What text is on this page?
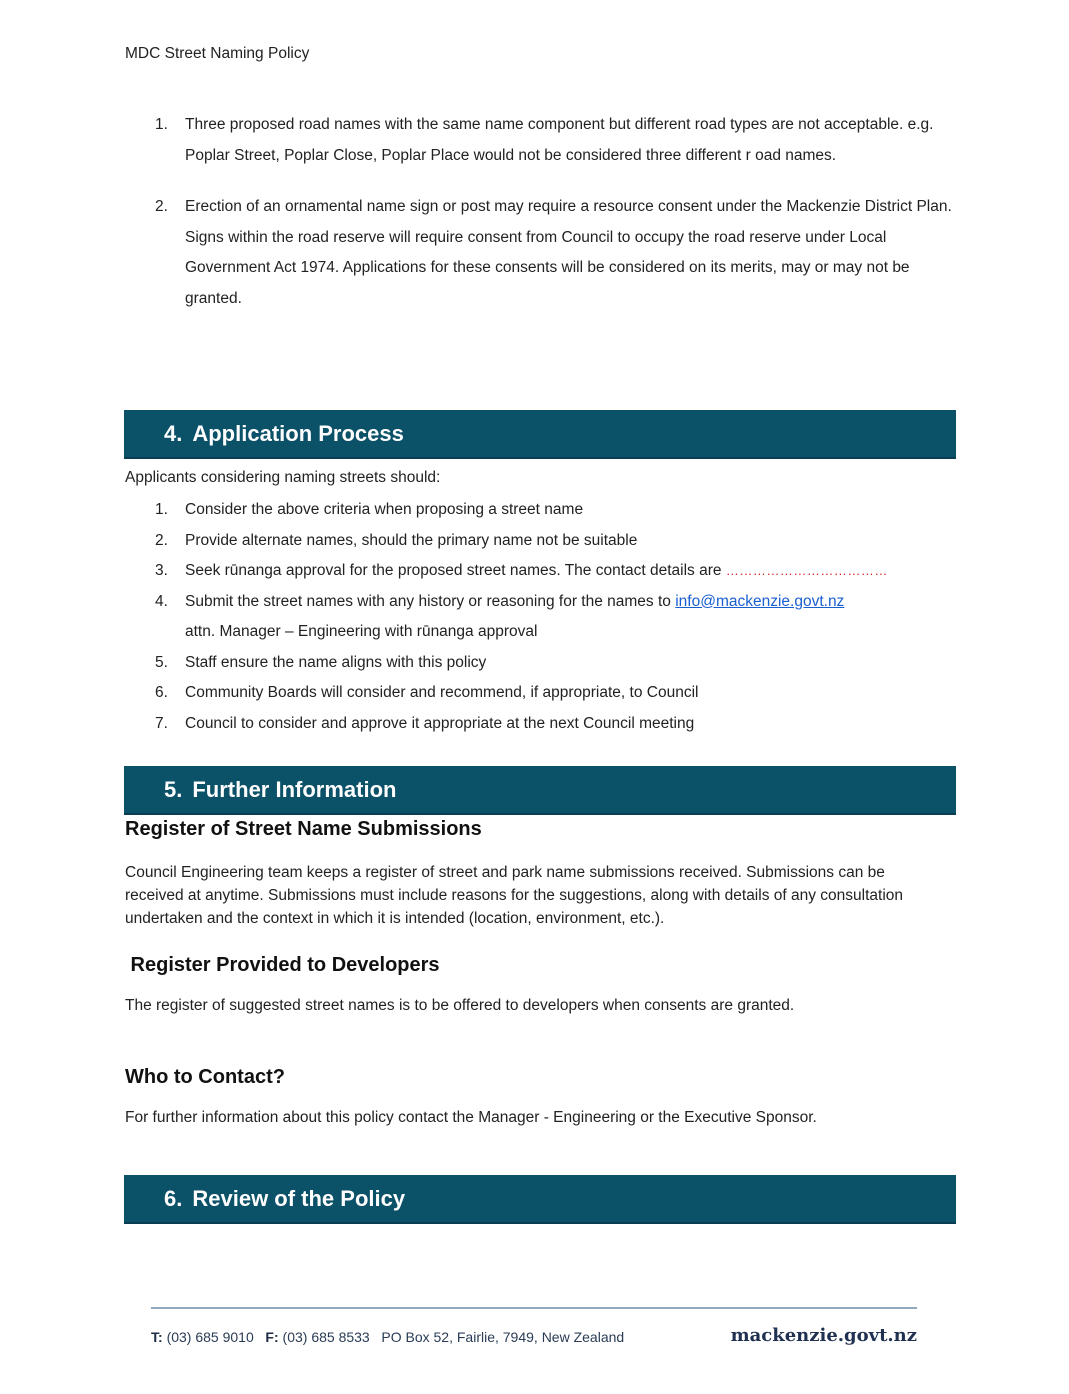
MDC Street Naming Policy
1. Three proposed road names with the same name component but different road types are not acceptable. e.g. Poplar Street, Poplar Close, Poplar Place would not be considered three different r oad names.
2. Erection of an ornamental name sign or post may require a resource consent under the Mackenzie District Plan. Signs within the road reserve will require consent from Council to occupy the road reserve under Local Government Act 1974. Applications for these consents will be considered on its merits, may or may not be granted.
4. Application Process

Applicants considering naming streets should:

1. Consider the above criteria when proposing a street name
2. Provide alternate names, should the primary name not be suitable
3. Seek rūnanga approval for the proposed street names. The contact details are ………………………………
4. Submit the street names with any history or reasoning for the names to info@mackenzie.govt.nz
attn. Manager – Engineering with rūnanga approval
5. Staff ensure the name aligns with this policy
6. Community Boards will consider and recommend, if appropriate, to Council
7. Council to consider and approve it appropriate at the next Council meeting
5. Further Information
Register of Street Name Submissions

Council Engineering team keeps a register of street and park name submissions received. Submissions can be received at anytime. Submissions must include reasons for the suggestions, along with details of any consultation undertaken and the context in which it is intended (location, environment, etc.).

Register Provided to Developers

The register of suggested street names is to be offered to developers when consents are granted.

Who to Contact?

For further information about this policy contact the Manager - Engineering or the Executive Sponsor.

6. Review of the Policy
T: (03) 685 9010 F: (03) 685 8533 PO Box 52, Fairlie, 7949, New Zealand	mackenzie.govt.nz
